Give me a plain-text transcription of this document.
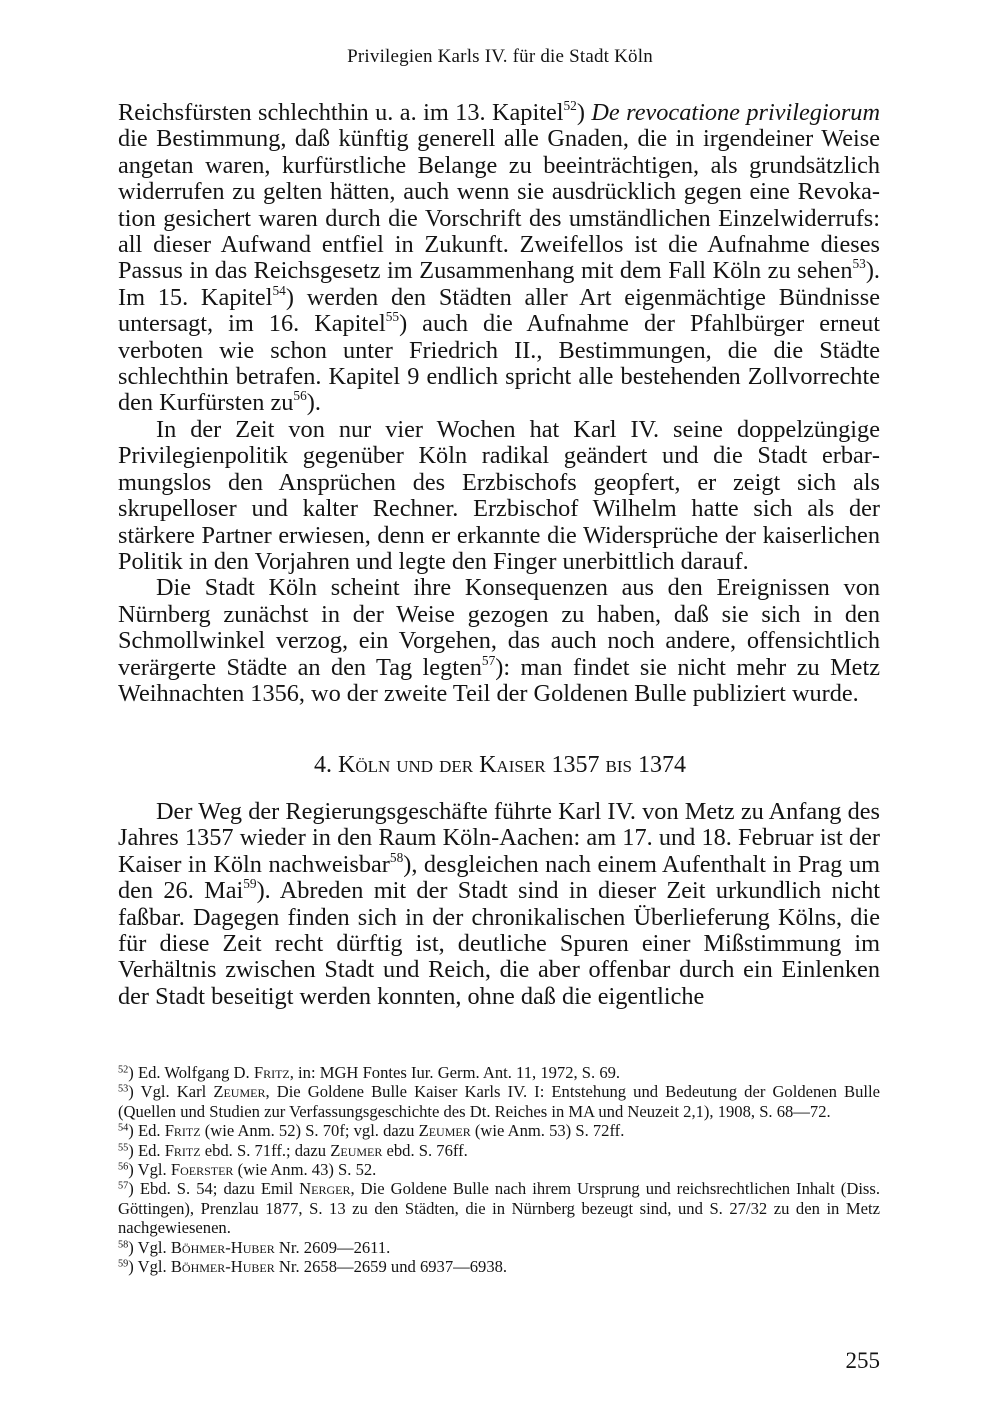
Privilegien Karls IV. für die Stadt Köln

Reichsfürsten schlechthin u. a. im 13. Kapitel$^{52}$) De revocatione privilegiorum die Bestimmung, daß künftig generell alle Gnaden, die in irgendeiner Weise angetan waren, kurfürstliche Belange zu beeinträchtigen, als grundsätzlich widerrufen zu gelten hätten, auch wenn sie ausdrücklich gegen eine Revokation gesichert waren durch die Vorschrift des umständlichen Einzelwiderrufs: all dieser Aufwand entfiel in Zukunft. Zweifellos ist die Aufnahme dieses Passus in das Reichsgesetz im Zusammenhang mit dem Fall Köln zu sehen$^{53}$). Im 15. Kapitel$^{54}$) werden den Städten aller Art eigenmächtige Bündnisse untersagt, im 16. Kapitel$^{55}$) auch die Aufnahme der Pfahlbürger erneut verboten wie schon unter Friedrich II., Bestimmungen, die die Städte schlechthin betrafen. Kapitel 9 endlich spricht alle bestehenden Zollvorrechte den Kurfürsten $zu^{56}$).

In der Zeit von nur vier Wochen hat Karl IV. seine doppelzüngige Privilegienpolitik gegenüber Köln radikal geändert und die Stadt erbarmungslos den Ansprüchen des Erzbischofs geopfert, er zeigt sich als skrupelloser und kalter Rechner. Erzbischof Wilhelm hatte sich als der stärkere Partner erwiesen, denn er erkannte die Widersprüche der kaiserlichen Politik in den Vorjahren und legte den Finger unerbittlich darauf.

Die Stadt Köln scheint ihre Konsequenzen aus den Ereignissen von Nürnberg zunächst in der Weise gezogen zu haben, daß sie sich in den Schmollwinkel verzog, ein Vorgehen, das auch noch andere, offensichtlich verärgerte Städte an den Tag legten$^{57}$): man findet sie nicht mehr zu Metz Weihnachten 1356, wo der zweite Teil der Goldenen Bulle publiziert wurde.

4. Köln und der Kaiser 1357 bis 1374

Der Weg der Regierungsgeschäfte führte Karl IV. von Metz zu Anfang des Jahres 1357 wieder in den Raum Köln-Aachen: am 17. und 18. Februar ist der Kaiser in Köln nachweisbar$^{58}$), desgleichen nach einem Aufenthalt in Prag um den 26. Mai$^{59}$). Abreden mit der Stadt sind in dieser Zeit urkundlich nicht faßbar. Dagegen finden sich in der chronikalischen Überlieferung Kölns, die für diese Zeit recht dürftig ist, deutliche Spuren einer Mißstimmung im Verhältnis zwischen Stadt und Reich, die aber offenbar durch ein Einlenken der Stadt beseitigt werden konnten, ohne daß die eigentliche

$^{52}$) Ed. Wolfgang D. Fritz, in: MGH Fontes Iur. Germ. Ant. 11, 1972, S. 69.

$^{53}$) Vgl. Karl Zeumer, Die Goldene Bulle Kaiser Karls IV. I: Entstehung und Bedeutung der Goldenen Bulle (Quellen und Studien zur Verfassungsgeschichte des Dt. Reiches in MA und Neuzeit 2,1), 1908, S. 68—72.

$^{54}$) Ed. Fritz (wie Anm. 52) S. 70f; vgl. dazu Zeumer (wie Anm. 53) S. 72ff.

$^{55}$) Ed. Fritz ebd. S. 71ff.; dazu Zeumer ebd. S. 76ff.

$^{56}$) Vgl. Foerster (wie Anm. 43) S. 52.

$^{57}$) Ebd. S. 54; dazu Emil Nerger, Die Goldene Bulle nach ihrem Ursprung und reichsrechtlichen Inhalt (Diss. Göttingen), Prenzlau 1877, S. 13 zu den Städten, die in Nürnberg bezeugt sind, und S. 27/32 zu den in Metz nachgewiesenen.

$^{58}$) Vgl. Böhmer-Huber Nr. 2609—2611.

$^{59}$) Vgl. Böhmer-Huber Nr. 2658—2659 und 6937—6938.

255
